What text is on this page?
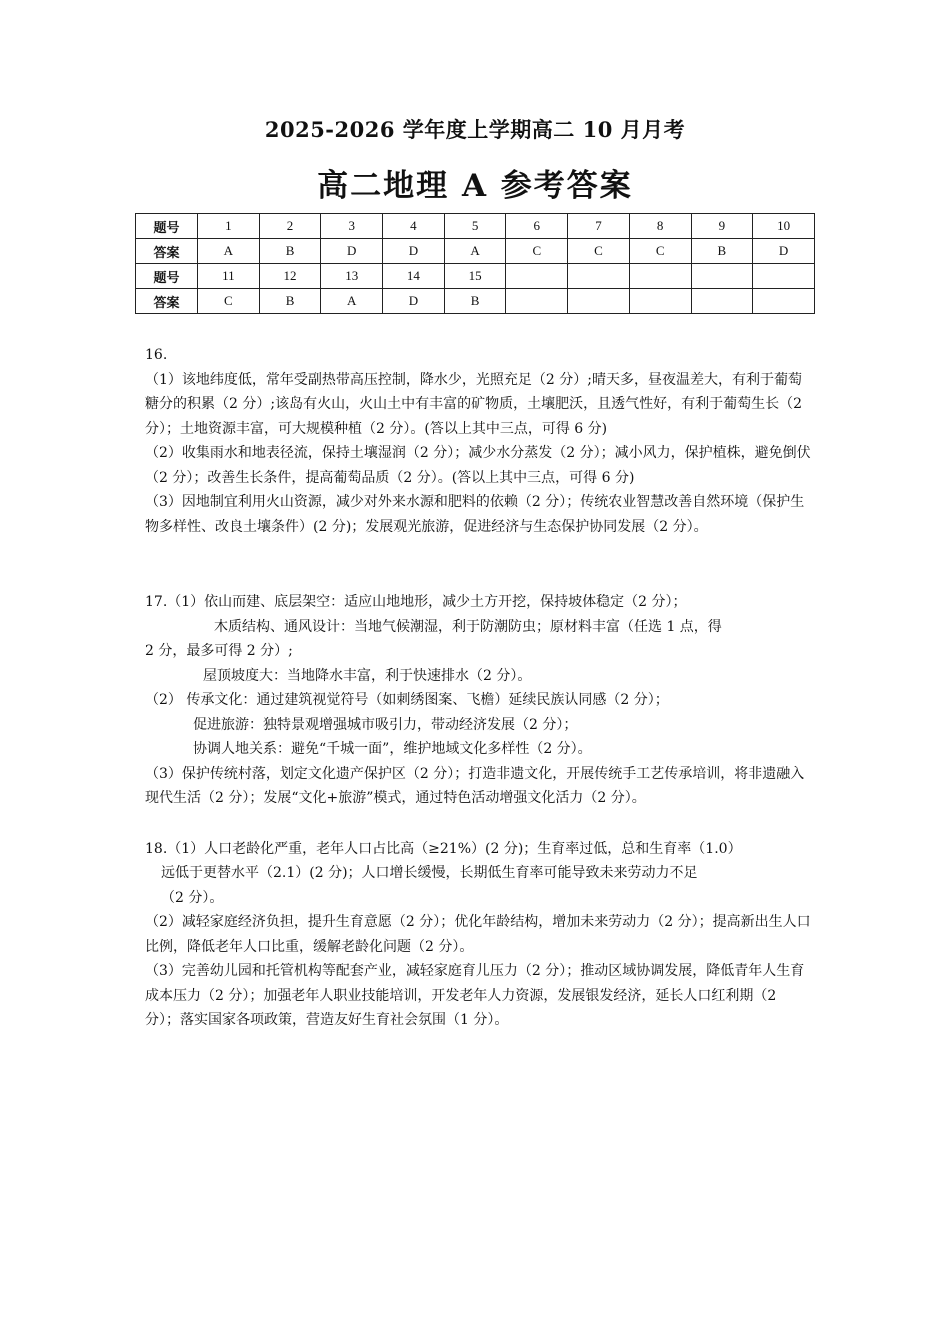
2025-2026 学年度上学期高二 10 月月考
高二地理 A 参考答案
题号	1	2	3	4	5	6	7	8	9	10
答案	A	B	D	D	A	C	C	C	B	D
题号	11	12	13	14	15					
答案	C	B	A	D	B					

16.

（1）该地纬度低，常年受副热带高压控制，降水少，光照充足（2 分）;晴天多，昼夜温差大，有利于葡萄糖分的积累（2 分）;该岛有火山，火山土中有丰富的矿物质，土壤肥沃，且透气性好，有利于葡萄生长（2 分）；土地资源丰富，可大规模种植（2 分）。(答以上其中三点，可得 6 分)

（2）收集雨水和地表径流，保持土壤湿润（2 分）；减少水分蒸发（2 分）；减小风力，保护植株，避免倒伏（2 分）；改善生长条件，提高葡萄品质（2 分）。(答以上其中三点，可得 6 分)

（3）因地制宜利用火山资源，减少对外来水源和肥料的依赖（2 分）；传统农业智慧改善自然环境（保护生物多样性、改良土壤条件）(2 分)；发展观光旅游，促进经济与生态保护协同发展（2 分）。

17.（1）依山而建、底层架空：适应山地地形，减少土方开挖，保持坡体稳定（2 分）；

木质结构、通风设计：当地气候潮湿，利于防潮防虫；原材料丰富（任选 1 点，得

2 分，最多可得 2 分）;

屋顶坡度大：当地降水丰富，利于快速排水（2 分）。

（2） 传承文化：通过建筑视觉符号（如刺绣图案、飞檐）延续民族认同感（2 分）；

促进旅游：独特景观增强城市吸引力，带动经济发展（2 分）；

协调人地关系：避免“千城一面”，维护地域文化多样性（2 分）。

（3）保护传统村落，划定文化遗产保护区（2 分）；打造非遗文化，开展传统手工艺传承培训，将非遗融入现代生活（2 分）；发展“文化+旅游”模式，通过特色活动增强文化活力（2 分）。

18.（1）人口老龄化严重，老年人口占比高（≥21%）(2 分)；生育率过低，总和生育率（1.0）

远低于更替水平（2.1）(2 分)；人口增长缓慢，长期低生育率可能导致未来劳动力不足

（2 分）。

（2）减轻家庭经济负担，提升生育意愿（2 分）；优化年龄结构，增加未来劳动力（2 分）；提高新出生人口比例，降低老年人口比重，缓解老龄化问题（2 分）。

（3）完善幼儿园和托管机构等配套产业，减轻家庭育儿压力（2 分）；推动区域协调发展，降低青年人生育成本压力（2 分）；加强老年人职业技能培训，开发老年人力资源，发展银发经济，延长人口红利期（2 分）；落实国家各项政策，营造友好生育社会氛围（1 分）。
